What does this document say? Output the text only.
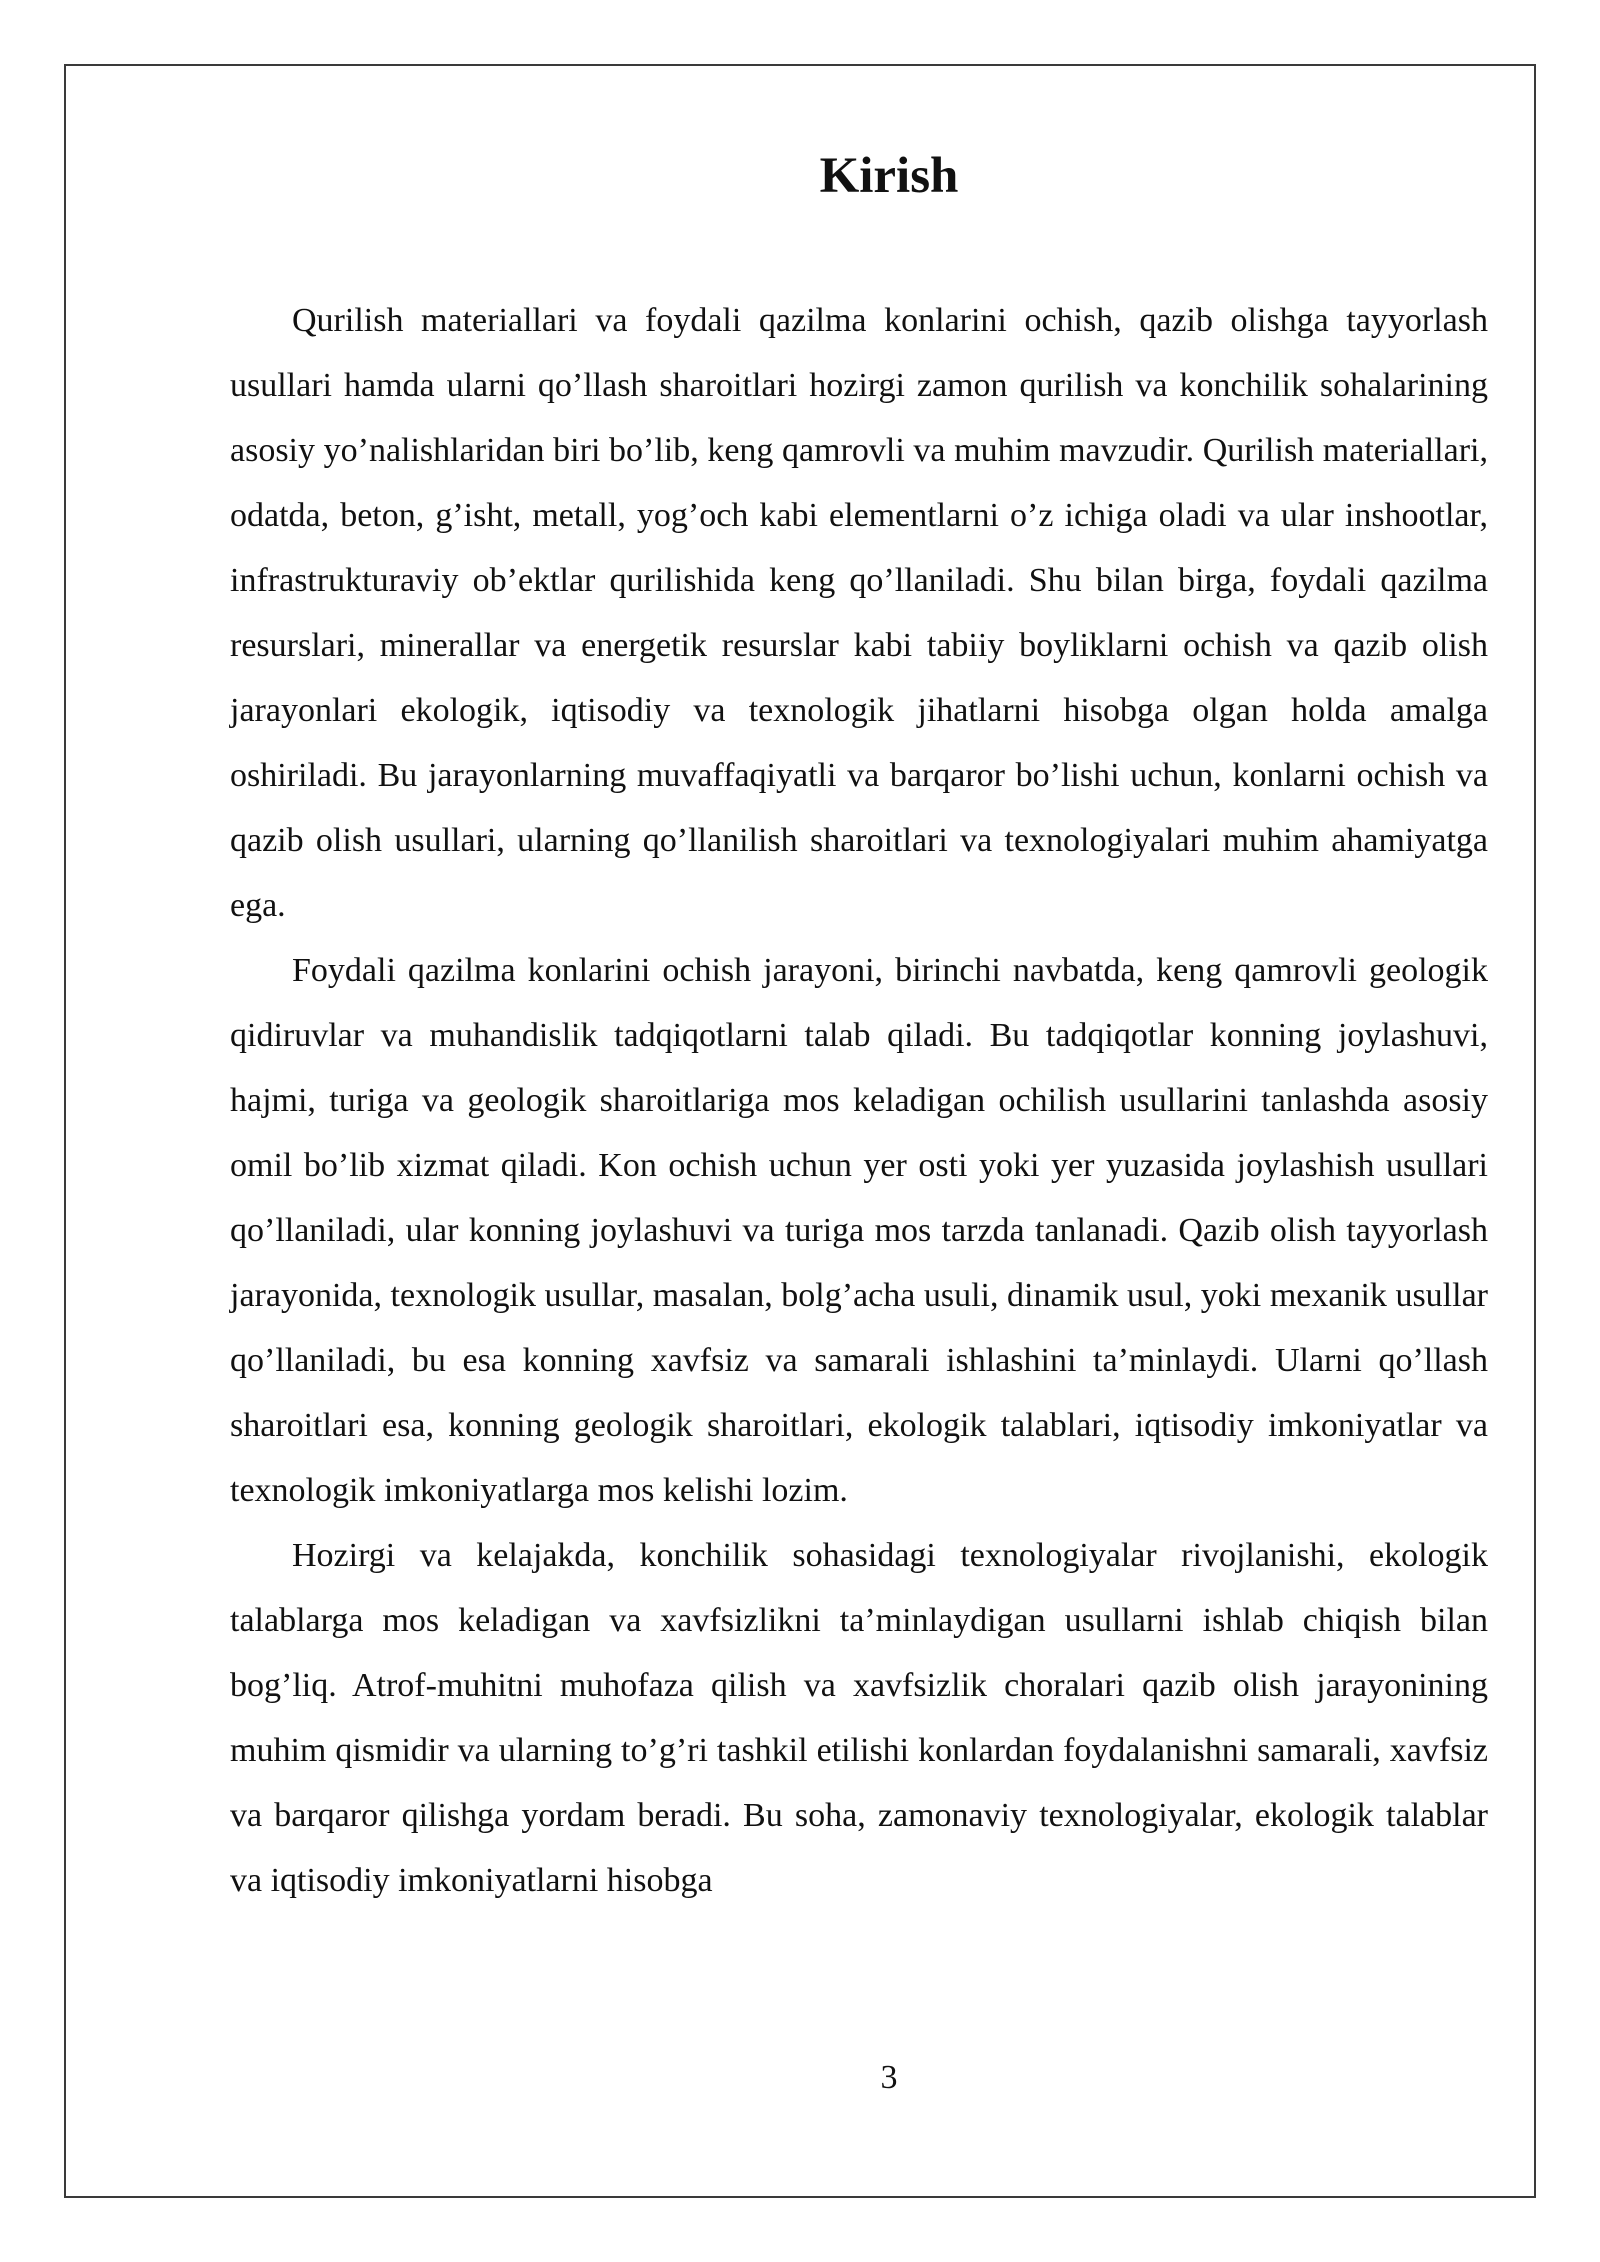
Kirish

Qurilish materiallari va foydali qazilma konlarini ochish, qazib olishga tayyorlash usullari hamda ularni qo’llash sharoitlari hozirgi zamon qurilish va konchilik sohalarining asosiy yo’nalishlaridan biri bo’lib, keng qamrovli va muhim mavzudir. Qurilish materiallari, odatda, beton, g’isht, metall, yog’och kabi elementlarni o’z ichiga oladi va ular inshootlar, infrastrukturaviy ob’ektlar qurilishida keng qo’llaniladi. Shu bilan birga, foydali qazilma resurslari, minerallar va energetik resurslar kabi tabiiy boyliklarni ochish va qazib olish jarayonlari ekologik, iqtisodiy va texnologik jihatlarni hisobga olgan holda amalga oshiriladi. Bu jarayonlarning muvaffaqiyatli va barqaror bo’lishi uchun, konlarni ochish va qazib olish usullari, ularning qo’llanilish sharoitlari va texnologiyalari muhim ahamiyatga ega.

Foydali qazilma konlarini ochish jarayoni, birinchi navbatda, keng qamrovli geologik qidiruvlar va muhandislik tadqiqotlarni talab qiladi. Bu tadqiqotlar konning joylashuvi, hajmi, turiga va geologik sharoitlariga mos keladigan ochilish usullarini tanlashda asosiy omil bo’lib xizmat qiladi. Kon ochish uchun yer osti yoki yer yuzasida joylashish usullari qo’llaniladi, ular konning joylashuvi va turiga mos tarzda tanlanadi. Qazib olish tayyorlash jarayonida, texnologik usullar, masalan, bolg’acha usuli, dinamik usul, yoki mexanik usullar qo’llaniladi, bu esa konning xavfsiz va samarali ishlashini ta’minlaydi. Ularni qo’llash sharoitlari esa, konning geologik sharoitlari, ekologik talablari, iqtisodiy imkoniyatlar va texnologik imkoniyatlarga mos kelishi lozim.

Hozirgi va kelajakda, konchilik sohasidagi texnologiyalar rivojlanishi, ekologik talablarga mos keladigan va xavfsizlikni ta’minlaydigan usullarni ishlab chiqish bilan bog’liq. Atrof-muhitni muhofaza qilish va xavfsizlik choralari qazib olish jarayonining muhim qismidir va ularning to’g’ri tashkil etilishi konlardan foydalanishni samarali, xavfsiz va barqaror qilishga yordam beradi. Bu soha, zamonaviy texnologiyalar, ekologik talablar va iqtisodiy imkoniyatlarni hisobga

3
